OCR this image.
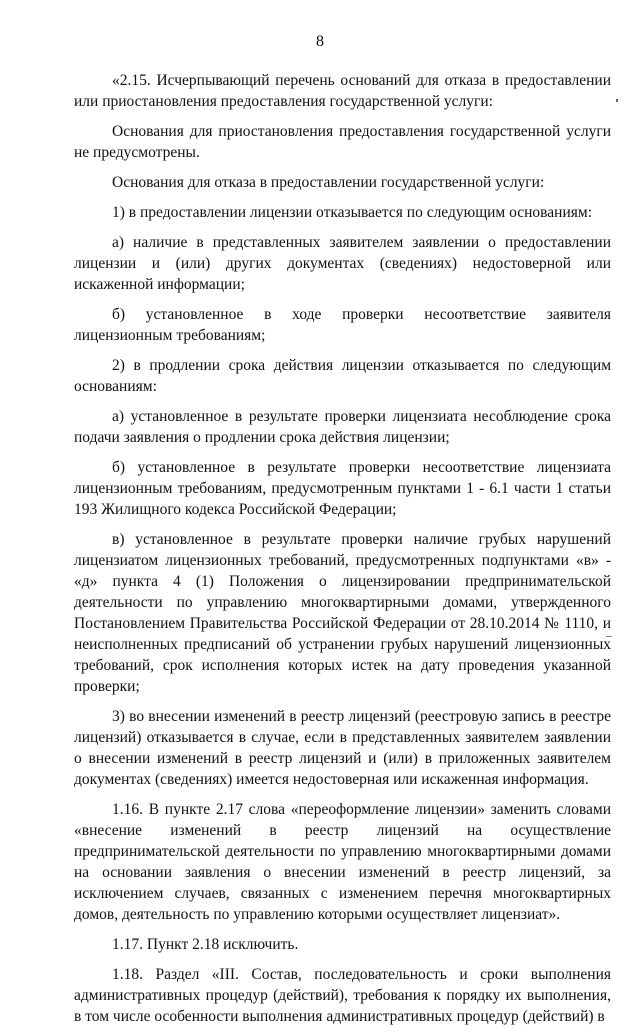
8

«2.15. Исчерпывающий перечень оснований для отказа в предоставлении или приостановления предоставления государственной услуги:

Основания для приостановления предоставления государственной услуги не предусмотрены.

Основания для отказа в предоставлении государственной услуги:

1) в предоставлении лицензии отказывается по следующим основаниям:

а) наличие в представленных заявителем заявлении о предоставлении лицензии и (или) других документах (сведениях) недостоверной или искаженной информации;

б) установленное в ходе проверки несоответствие заявителя лицензионным требованиям;

2) в продлении срока действия лицензии отказывается по следующим основаниям:

а) установленное в результате проверки лицензиата несоблюдение срока подачи заявления о продлении срока действия лицензии;

б) установленное в результате проверки несоответствие лицензиата лицензионным требованиям, предусмотренным пунктами 1 - 6.1 части 1 статьи 193 Жилищного кодекса Российской Федерации;

в) установленное в результате проверки наличие грубых нарушений лицензиатом лицензионных требований, предусмотренных подпунктами «в» - «д» пункта 4 (1) Положения о лицензировании предпринимательской деятельности по управлению многоквартирными домами, утвержденного Постановлением Правительства Российской Федерации от 28.10.2014 № 1110, и неисполненных предписаний об устранении грубых нарушений лицензионных требований, срок исполнения которых истек на дату проведения указанной проверки;

3) во внесении изменений в реестр лицензий (реестровую запись в реестре лицензий) отказывается в случае, если в представленных заявителем заявлении о внесении изменений в реестр лицензий и (или) в приложенных заявителем документах (сведениях) имеется недостоверная или искаженная информация.

1.16. В пункте 2.17 слова «переоформление лицензии» заменить словами «внесение изменений в реестр лицензий на осуществление предпринимательской деятельности по управлению многоквартирными домами на основании заявления о внесении изменений в реестр лицензий, за исключением случаев, связанных с изменением перечня многоквартирных домов, деятельность по управлению которыми осуществляет лицензиат».

1.17. Пункт 2.18 исключить.

1.18. Раздел «III. Состав, последовательность и сроки выполнения административных процедур (действий), требования к порядку их выполнения, в том числе особенности выполнения административных процедур (действий) в
